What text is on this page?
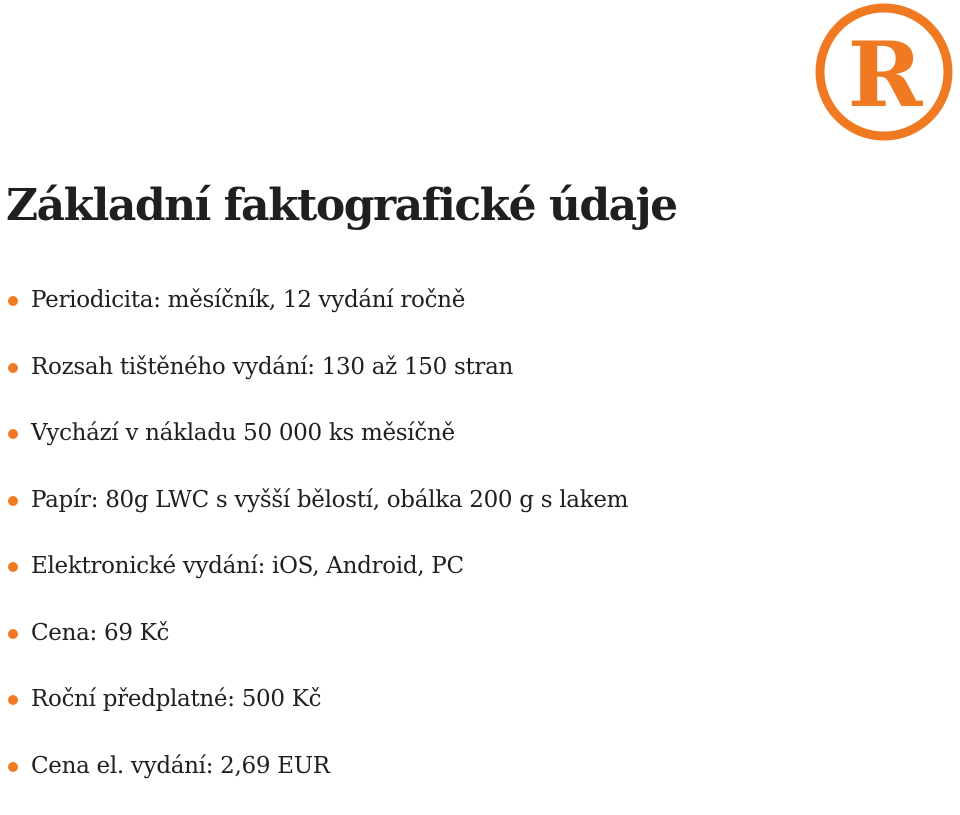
R
Základní faktografické údaje
Periodicita: měsíčník, 12 vydání ročně
Rozsah tištěného vydání: 130 až 150 stran
Vychází v nákladu 50 000 ks měsíčně
Papír: 80g LWC s vyšší bělostí, obálka 200 g s lakem
Elektronické vydání: iOS, Android, PC
Cena: 69 Kč
Roční předplatné: 500 Kč
Cena el. vydání: 2,69 EUR
